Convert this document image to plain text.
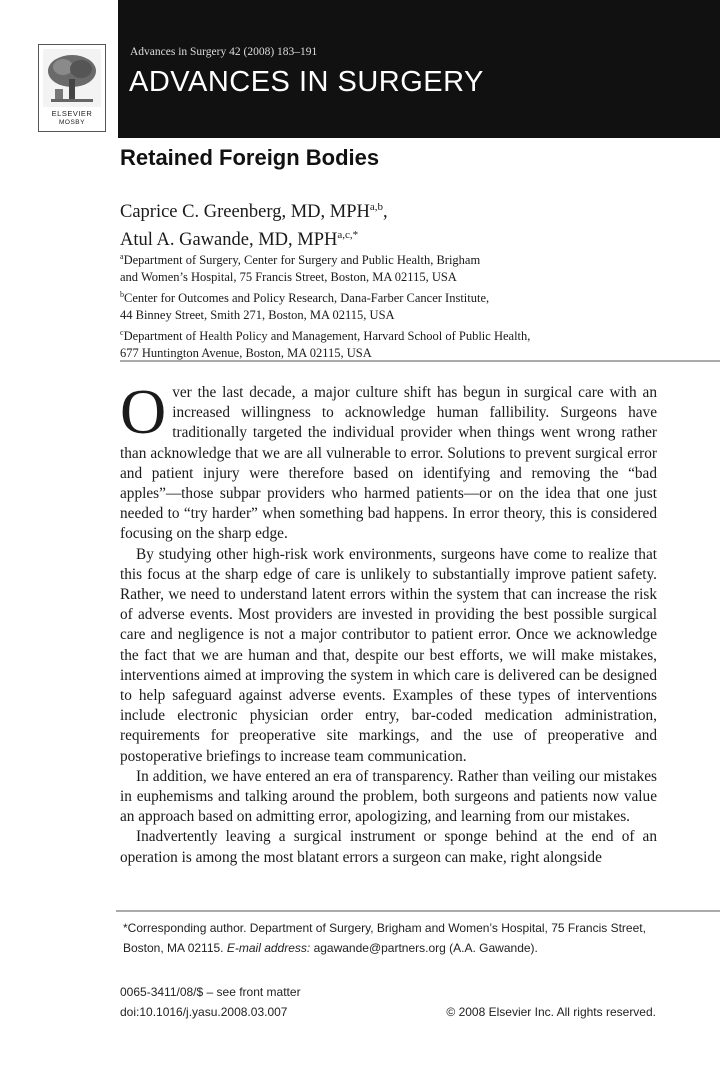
ELSEVIER
MOSBY
Advances in Surgery 42 (2008) 183–191
ADVANCES IN SURGERY
Retained Foreign Bodies
Caprice C. Greenberg, MD, MPH$^{a,b}$,
Atul A. Gawande, MD, $MPH^{a,c,*}$
$^a$Department of Surgery, Center for Surgery and Public Health, Brigham
and Women’s Hospital, 75 Francis Street, Boston, MA 02115, USA
$^b$Center for Outcomes and Policy Research, Dana-Farber Cancer Institute,
44 Binney Street, Smith 271, Boston, MA 02115, USA
$^c$Department of Health Policy and Management, Harvard School of Public Health,
677 Huntington Avenue, Boston, MA 02115, USA

Over the last decade, a major culture shift has begun in surgical care with an increased willingness to acknowledge human fallibility. Surgeons have traditionally targeted the individual provider when things went wrong rather than acknowledge that we are all vulnerable to error. Solutions to prevent surgical error and patient injury were therefore based on identifying and removing the “bad apples”—those subpar providers who harmed patients—or on the idea that one just needed to “try harder” when something bad happens. In error theory, this is considered focusing on the sharp edge.

By studying other high-risk work environments, surgeons have come to realize that this focus at the sharp edge of care is unlikely to substantially improve patient safety. Rather, we need to understand latent errors within the system that can increase the risk of adverse events. Most providers are invested in providing the best possible surgical care and negligence is not a major contributor to patient error. Once we acknowledge the fact that we are human and that, despite our best efforts, we will make mistakes, interventions aimed at improving the system in which care is delivered can be designed to help safeguard against adverse events. Examples of these types of interventions include electronic physician order entry, bar-coded medication administration, requirements for preoperative site markings, and the use of preoperative and postoperative briefings to increase team communication.

In addition, we have entered an era of transparency. Rather than veiling our mistakes in euphemisms and talking around the problem, both surgeons and patients now value an approach based on admitting error, apologizing, and learning from our mistakes.

Inadvertently leaving a surgical instrument or sponge behind at the end of an operation is among the most blatant errors a surgeon can make, right alongside

*Corresponding author. Department of Surgery, Brigham and Women’s Hospital, 75 Francis Street, Boston, MA 02115. E-mail address: agawande@partners.org (A.A. Gawande).
0065-3411/08/$ – see front matter
doi:10.1016/j.yasu.2008.03.007	© 2008 Elsevier Inc. All rights reserved.
